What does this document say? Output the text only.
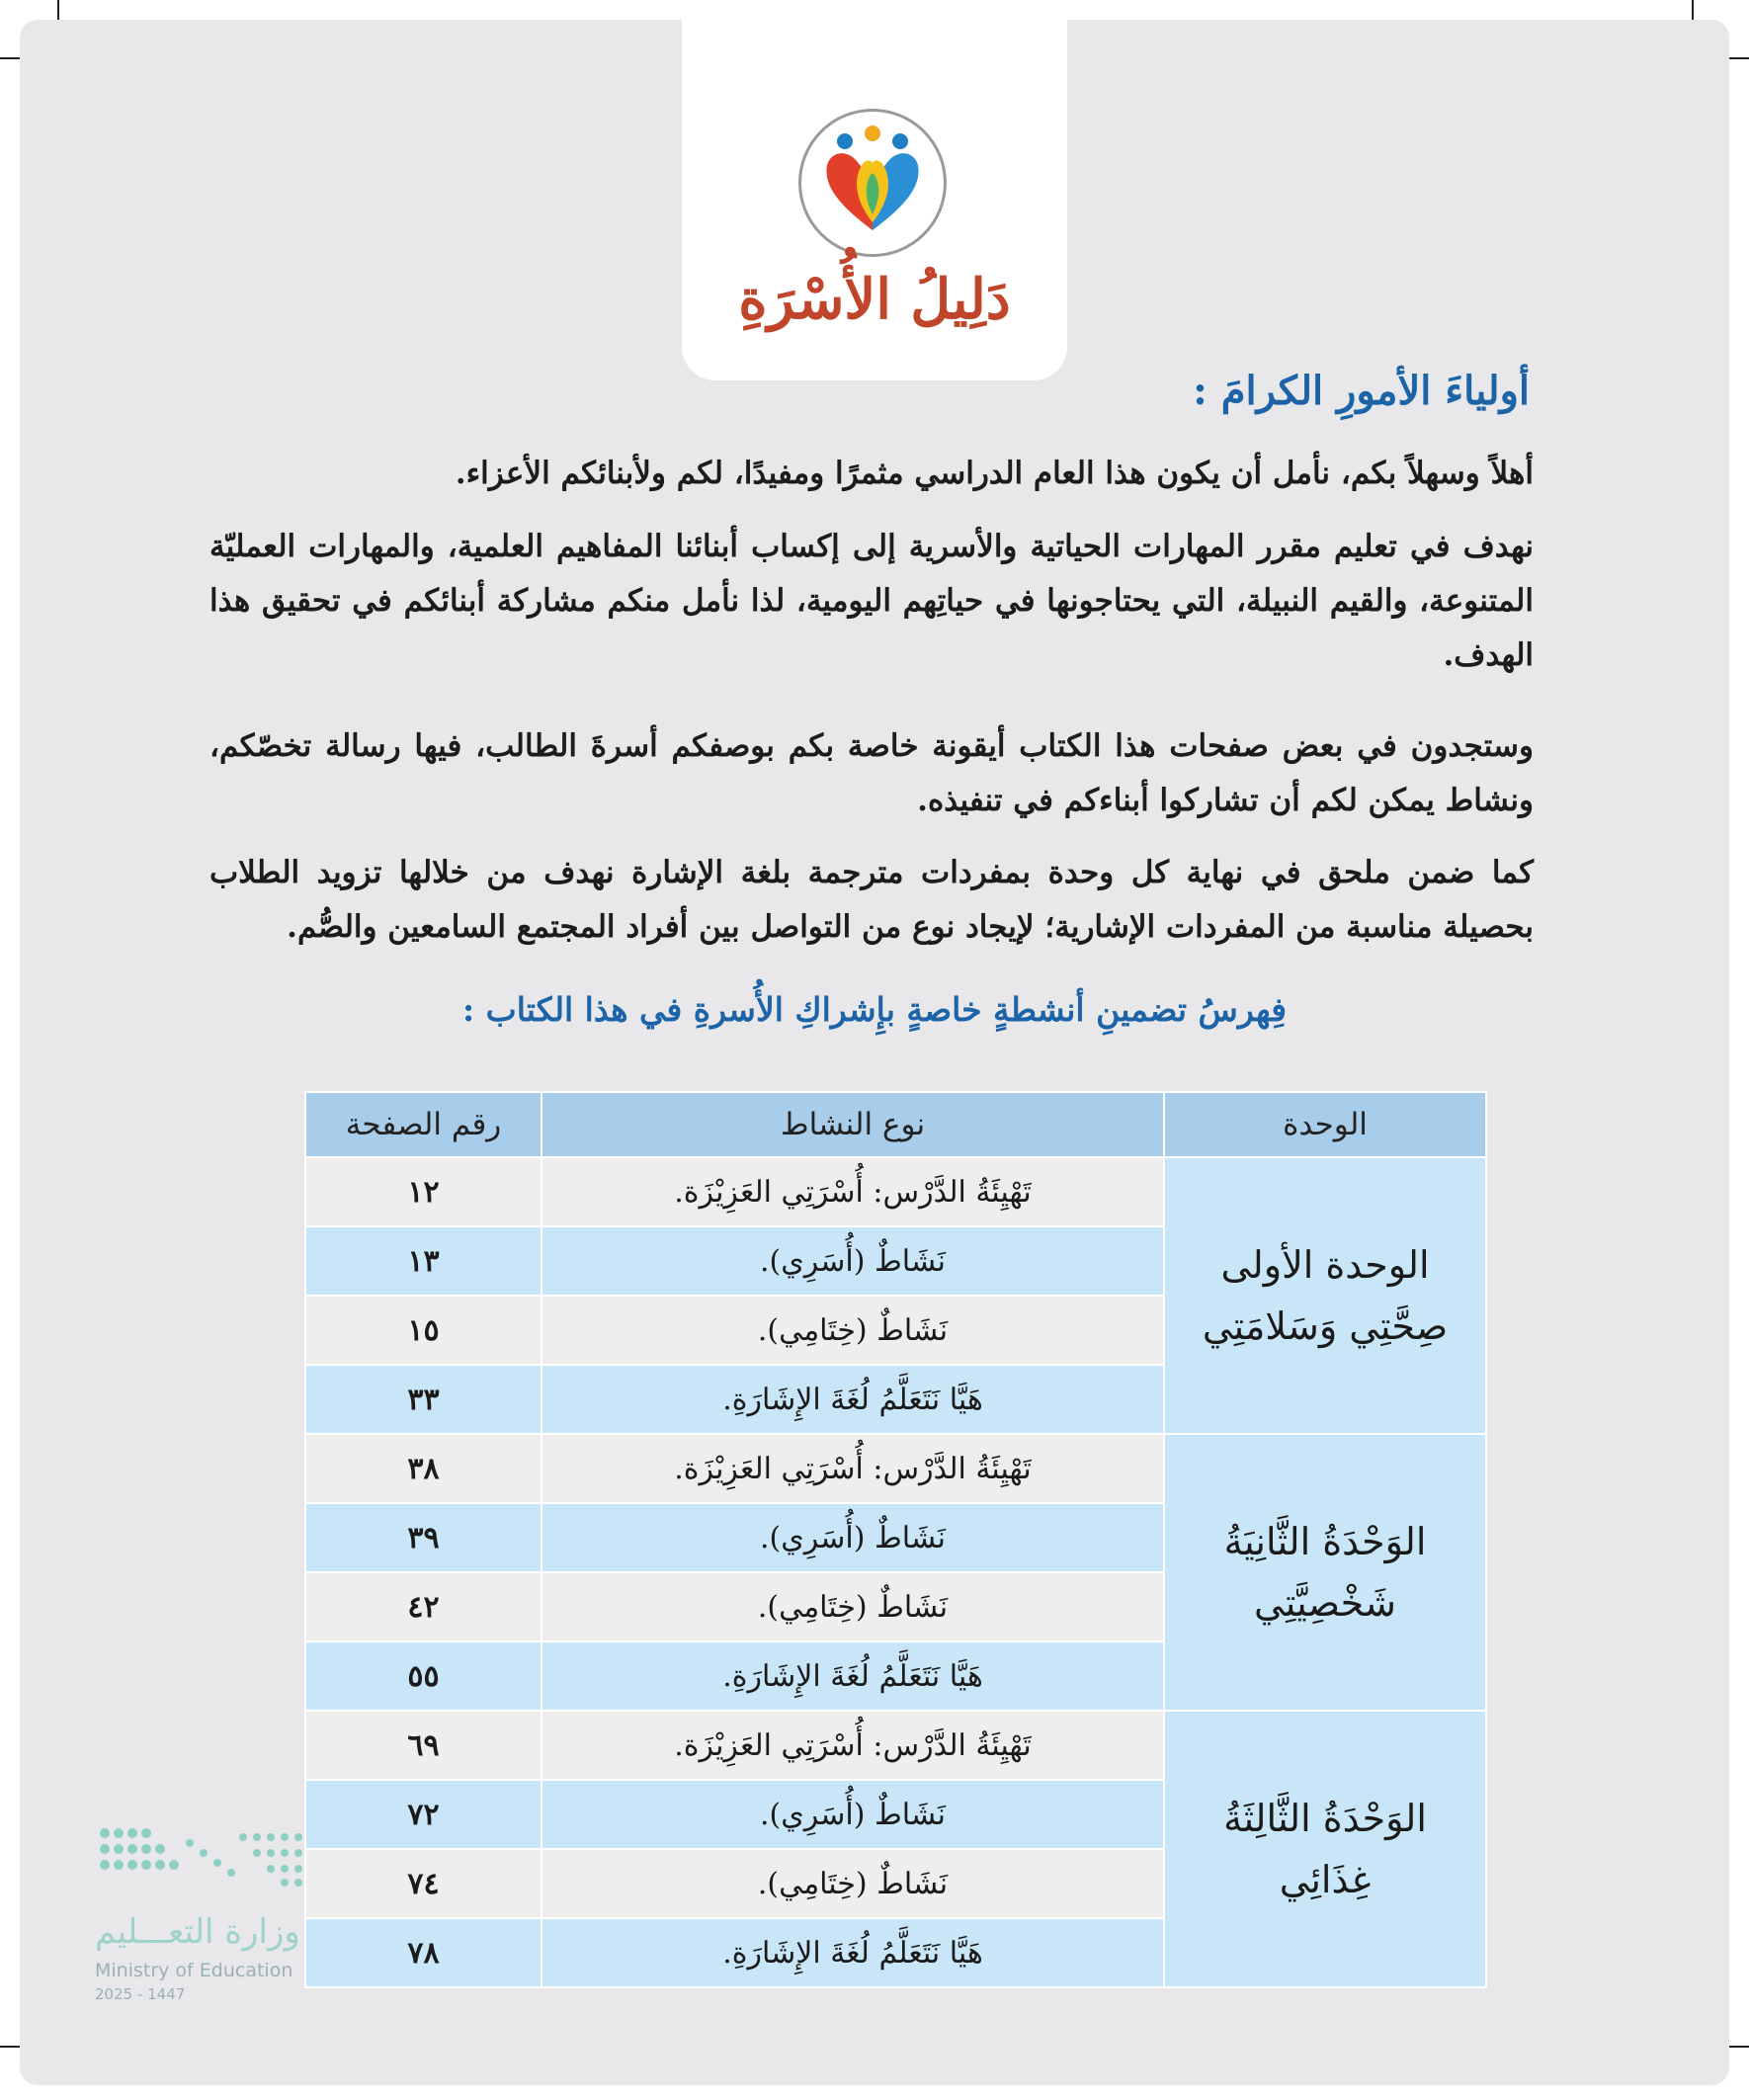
دَلِيلُ الأُسْرَةِ
أولياءَ الأمورِ الكرامَ :
أهلاً وسهلاً بكم، نأمل أن يكون هذا العام الدراسي مثمرًا ومفيدًا، لكم ولأبنائكم الأعزاء.
نهدف في تعليم مقرر المهارات الحياتية والأسرية إلى إكساب أبنائنا المفاهيم العلمية، والمهارات العمليّة المتنوعة، والقيم النبيلة، التي يحتاجونها في حياتِهم اليومية، لذا نأمل منكم مشاركة أبنائكم في تحقيق هذا الهدف.
وستجدون في بعض صفحات هذا الكتاب أيقونة خاصة بكم بوصفكم أسرةَ الطالب، فيها رسالة تخصّكم، ونشاط يمكن لكم أن تشاركوا أبناءكم في تنفيذه.
كما ضمن ملحق في نهاية كل وحدة بمفردات مترجمة بلغة الإشارة نهدف من خلالها تزويد الطلاب بحصيلة مناسبة من المفردات الإشارية؛ لإيجاد نوع من التواصل بين أفراد المجتمع السامعين والصُّم.
فِهرسُ تضمينِ أنشطةٍ خاصةٍ بإِشراكِ الأُسرةِ في هذا الكتاب :
الوحدة	نوع النشاط	رقم الصفحة

الوحدة الأولى
صِحَّتِي وَسَلامَتِي	تَهْيِئَةُ الدَّرْس: أُسْرَتِي العَزِيْزَة.	١٢
	نَشَاطٌ (أُسَرِي).	١٣
	نَشَاطٌ (خِتَامِي).	١٥
	هَيَّا نَتَعَلَّمُ لُغَةَ الإِشَارَةِ.	٣٣

الوَحْدَةُ الثَّانِيَةُ
شَخْصِيَّتِي	تَهْيِئَةُ الدَّرْس: أُسْرَتِي العَزِيْزَة.	٣٨
	نَشَاطٌ (أُسَرِي).	٣٩
	نَشَاطٌ (خِتَامِي).	٤٢
	هَيَّا نَتَعَلَّمُ لُغَةَ الإِشَارَةِ.	٥٥

الوَحْدَةُ الثَّالِثَةُ
غِذَائِي	تَهْيِئَةُ الدَّرْس: أُسْرَتِي العَزِيْزَة.	٦٩
	نَشَاطٌ (أُسَرِي).	٧٢
	نَشَاطٌ (خِتَامِي).	٧٤
	هَيَّا نَتَعَلَّمُ لُغَةَ الإِشَارَةِ.	٧٨
وزارة التعـــليم
Ministry of Education
2025 - 1447
